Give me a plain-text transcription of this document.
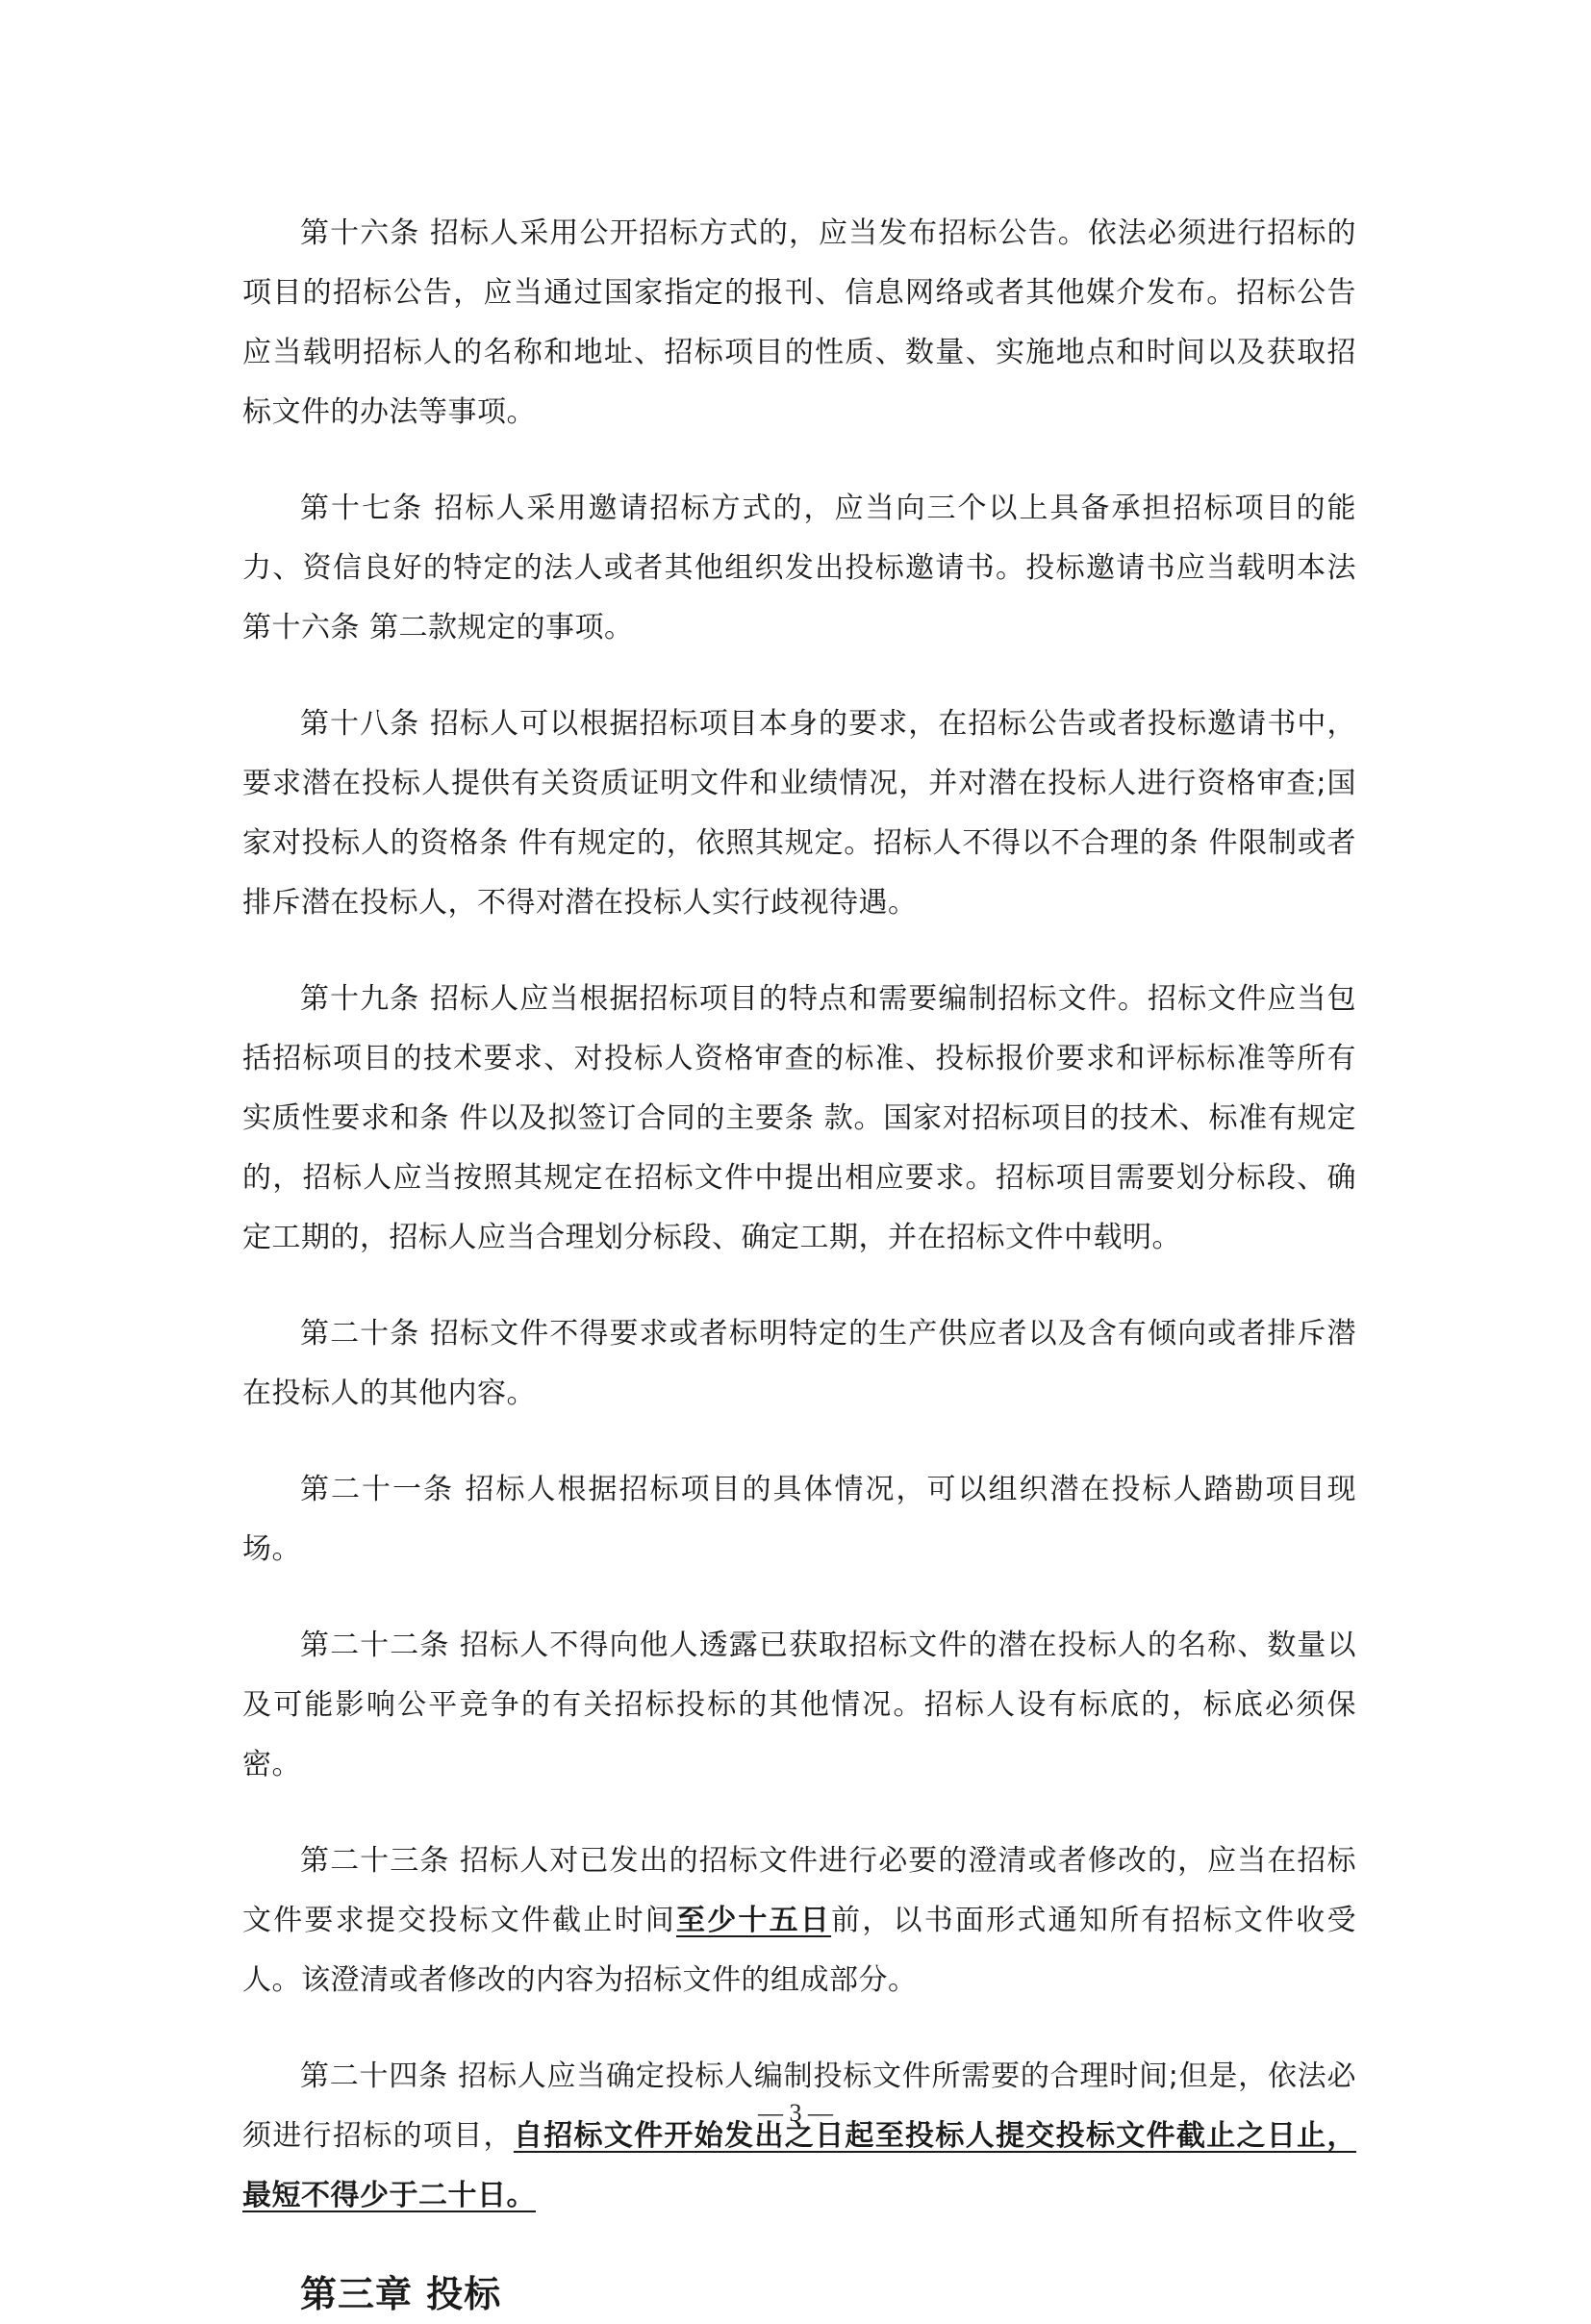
第十六条 招标人采用公开招标方式的，应当发布招标公告。依法必须进行招标的项目的招标公告，应当通过国家指定的报刊、信息网络或者其他媒介发布。招标公告应当载明招标人的名称和地址、招标项目的性质、数量、实施地点和时间以及获取招标文件的办法等事项。

第十七条 招标人采用邀请招标方式的，应当向三个以上具备承担招标项目的能力、资信良好的特定的法人或者其他组织发出投标邀请书。投标邀请书应当载明本法第十六条 第二款规定的事项。

第十八条 招标人可以根据招标项目本身的要求，在招标公告或者投标邀请书中，要求潜在投标人提供有关资质证明文件和业绩情况，并对潜在投标人进行资格审查;国家对投标人的资格条 件有规定的，依照其规定。招标人不得以不合理的条 件限制或者排斥潜在投标人，不得对潜在投标人实行歧视待遇。

第十九条 招标人应当根据招标项目的特点和需要编制招标文件。招标文件应当包括招标项目的技术要求、对投标人资格审查的标准、投标报价要求和评标标准等所有实质性要求和条 件以及拟签订合同的主要条 款。国家对招标项目的技术、标准有规定的，招标人应当按照其规定在招标文件中提出相应要求。招标项目需要划分标段、确定工期的，招标人应当合理划分标段、确定工期，并在招标文件中载明。

第二十条 招标文件不得要求或者标明特定的生产供应者以及含有倾向或者排斥潜在投标人的其他内容。

第二十一条 招标人根据招标项目的具体情况，可以组织潜在投标人踏勘项目现场。

第二十二条 招标人不得向他人透露已获取招标文件的潜在投标人的名称、数量以及可能影响公平竞争的有关招标投标的其他情况。招标人设有标底的，标底必须保密。

第二十三条 招标人对已发出的招标文件进行必要的澄清或者修改的，应当在招标文件要求提交投标文件截止时间至少十五日前，以书面形式通知所有招标文件收受人。该澄清或者修改的内容为招标文件的组成部分。

第二十四条 招标人应当确定投标人编制投标文件所需要的合理时间;但是，依法必须进行招标的项目，自招标文件开始发出之日起至投标人提交投标文件截止之日止，最短不得少于二十日。

第三章 投标
— 3 —
